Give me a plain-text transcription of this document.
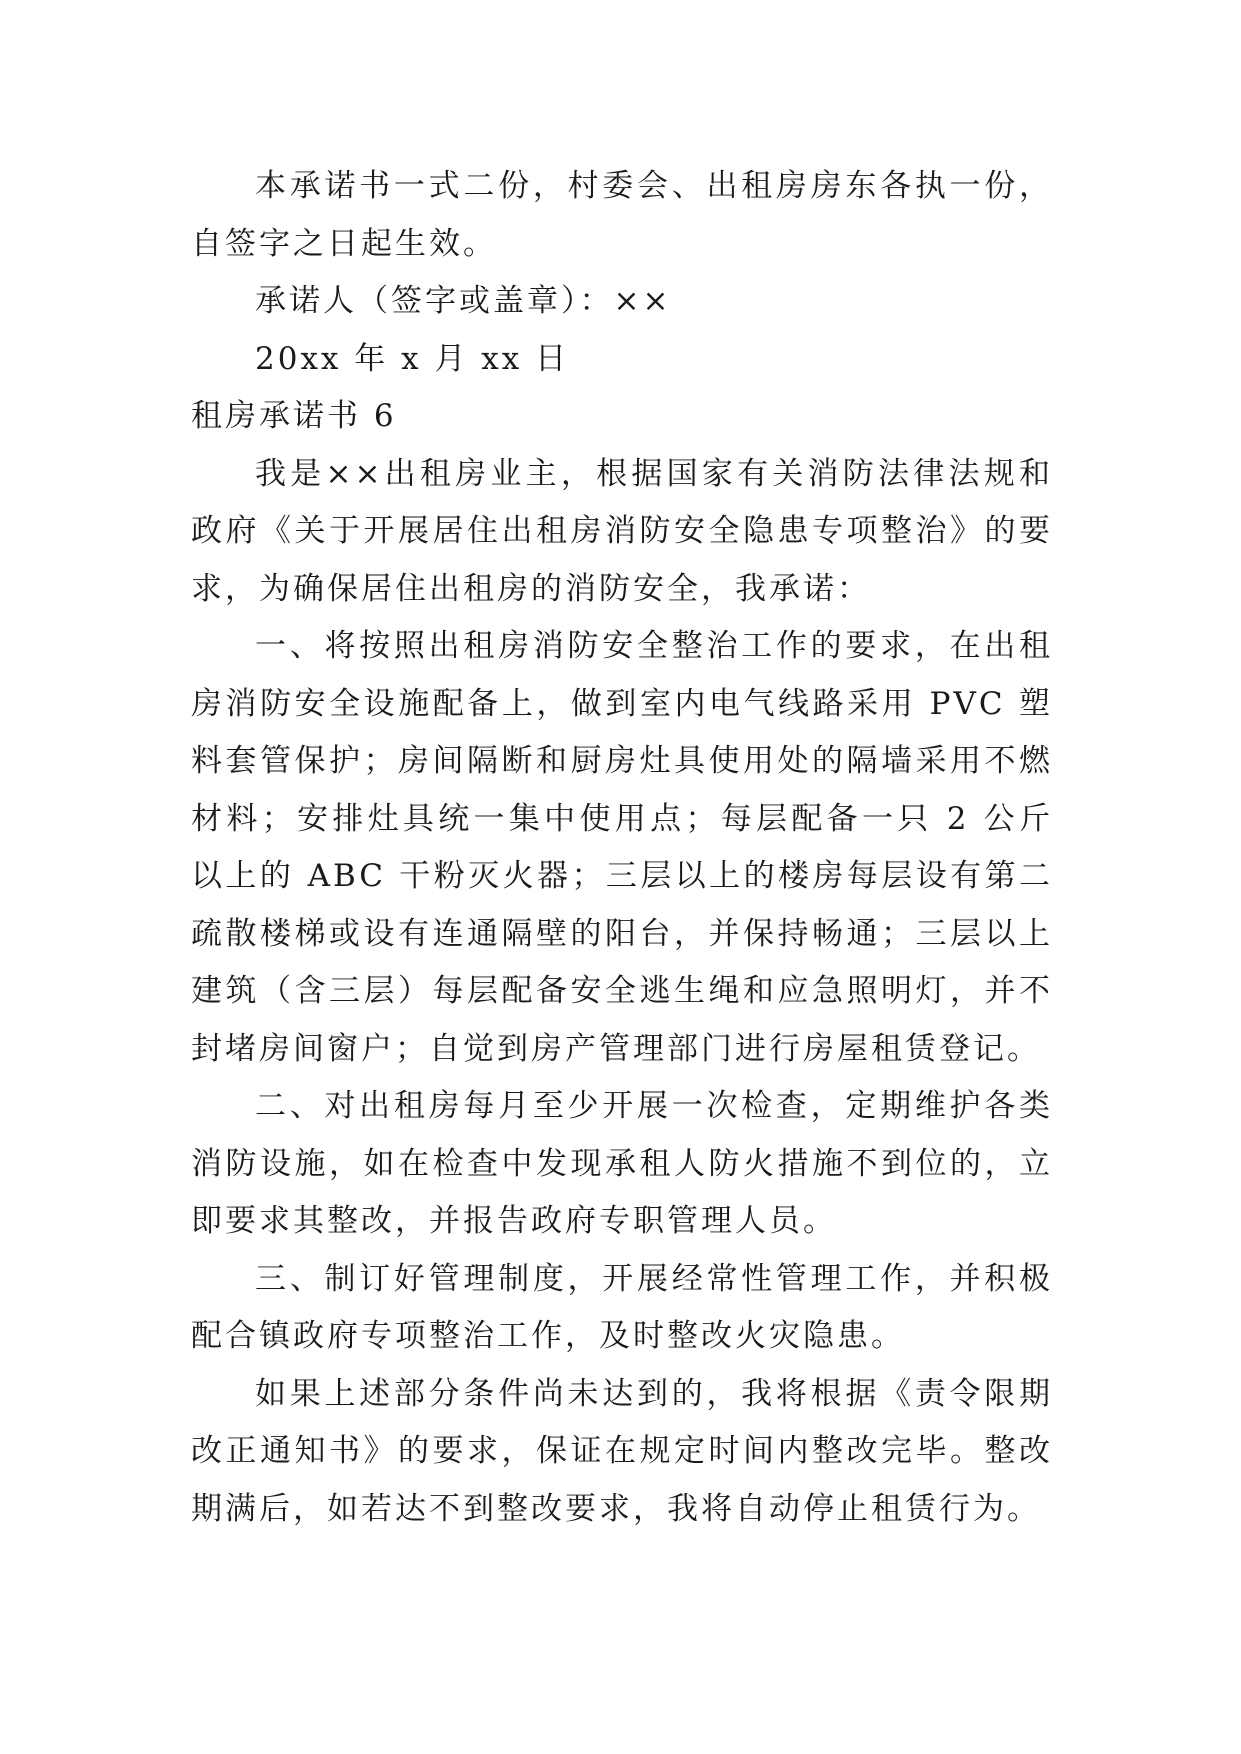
本承诺书一式二份，村委会、出租房房东各执一份，自签字之日起生效。

承诺人（签字或盖章）：××

20xx 年 x 月 xx 日

租房承诺书 6

我是××出租房业主，根据国家有关消防法律法规和政府《关于开展居住出租房消防安全隐患专项整治》的要求，为确保居住出租房的消防安全，我承诺：

一、将按照出租房消防安全整治工作的要求，在出租房消防安全设施配备上，做到室内电气线路采用 PVC 塑料套管保护；房间隔断和厨房灶具使用处的隔墙采用不燃材料；安排灶具统一集中使用点；每层配备一只 2 公斤以上的 ABC 干粉灭火器；三层以上的楼房每层设有第二疏散楼梯或设有连通隔壁的阳台，并保持畅通；三层以上建筑（含三层）每层配备安全逃生绳和应急照明灯，并不封堵房间窗户；自觉到房产管理部门进行房屋租赁登记。

二、对出租房每月至少开展一次检查，定期维护各类消防设施，如在检查中发现承租人防火措施不到位的，立即要求其整改，并报告政府专职管理人员。

三、制订好管理制度，开展经常性管理工作，并积极配合镇政府专项整治工作，及时整改火灾隐患。

如果上述部分条件尚未达到的，我将根据《责令限期改正通知书》的要求，保证在规定时间内整改完毕。整改期满后，如若达不到整改要求，我将自动停止租赁行为。
